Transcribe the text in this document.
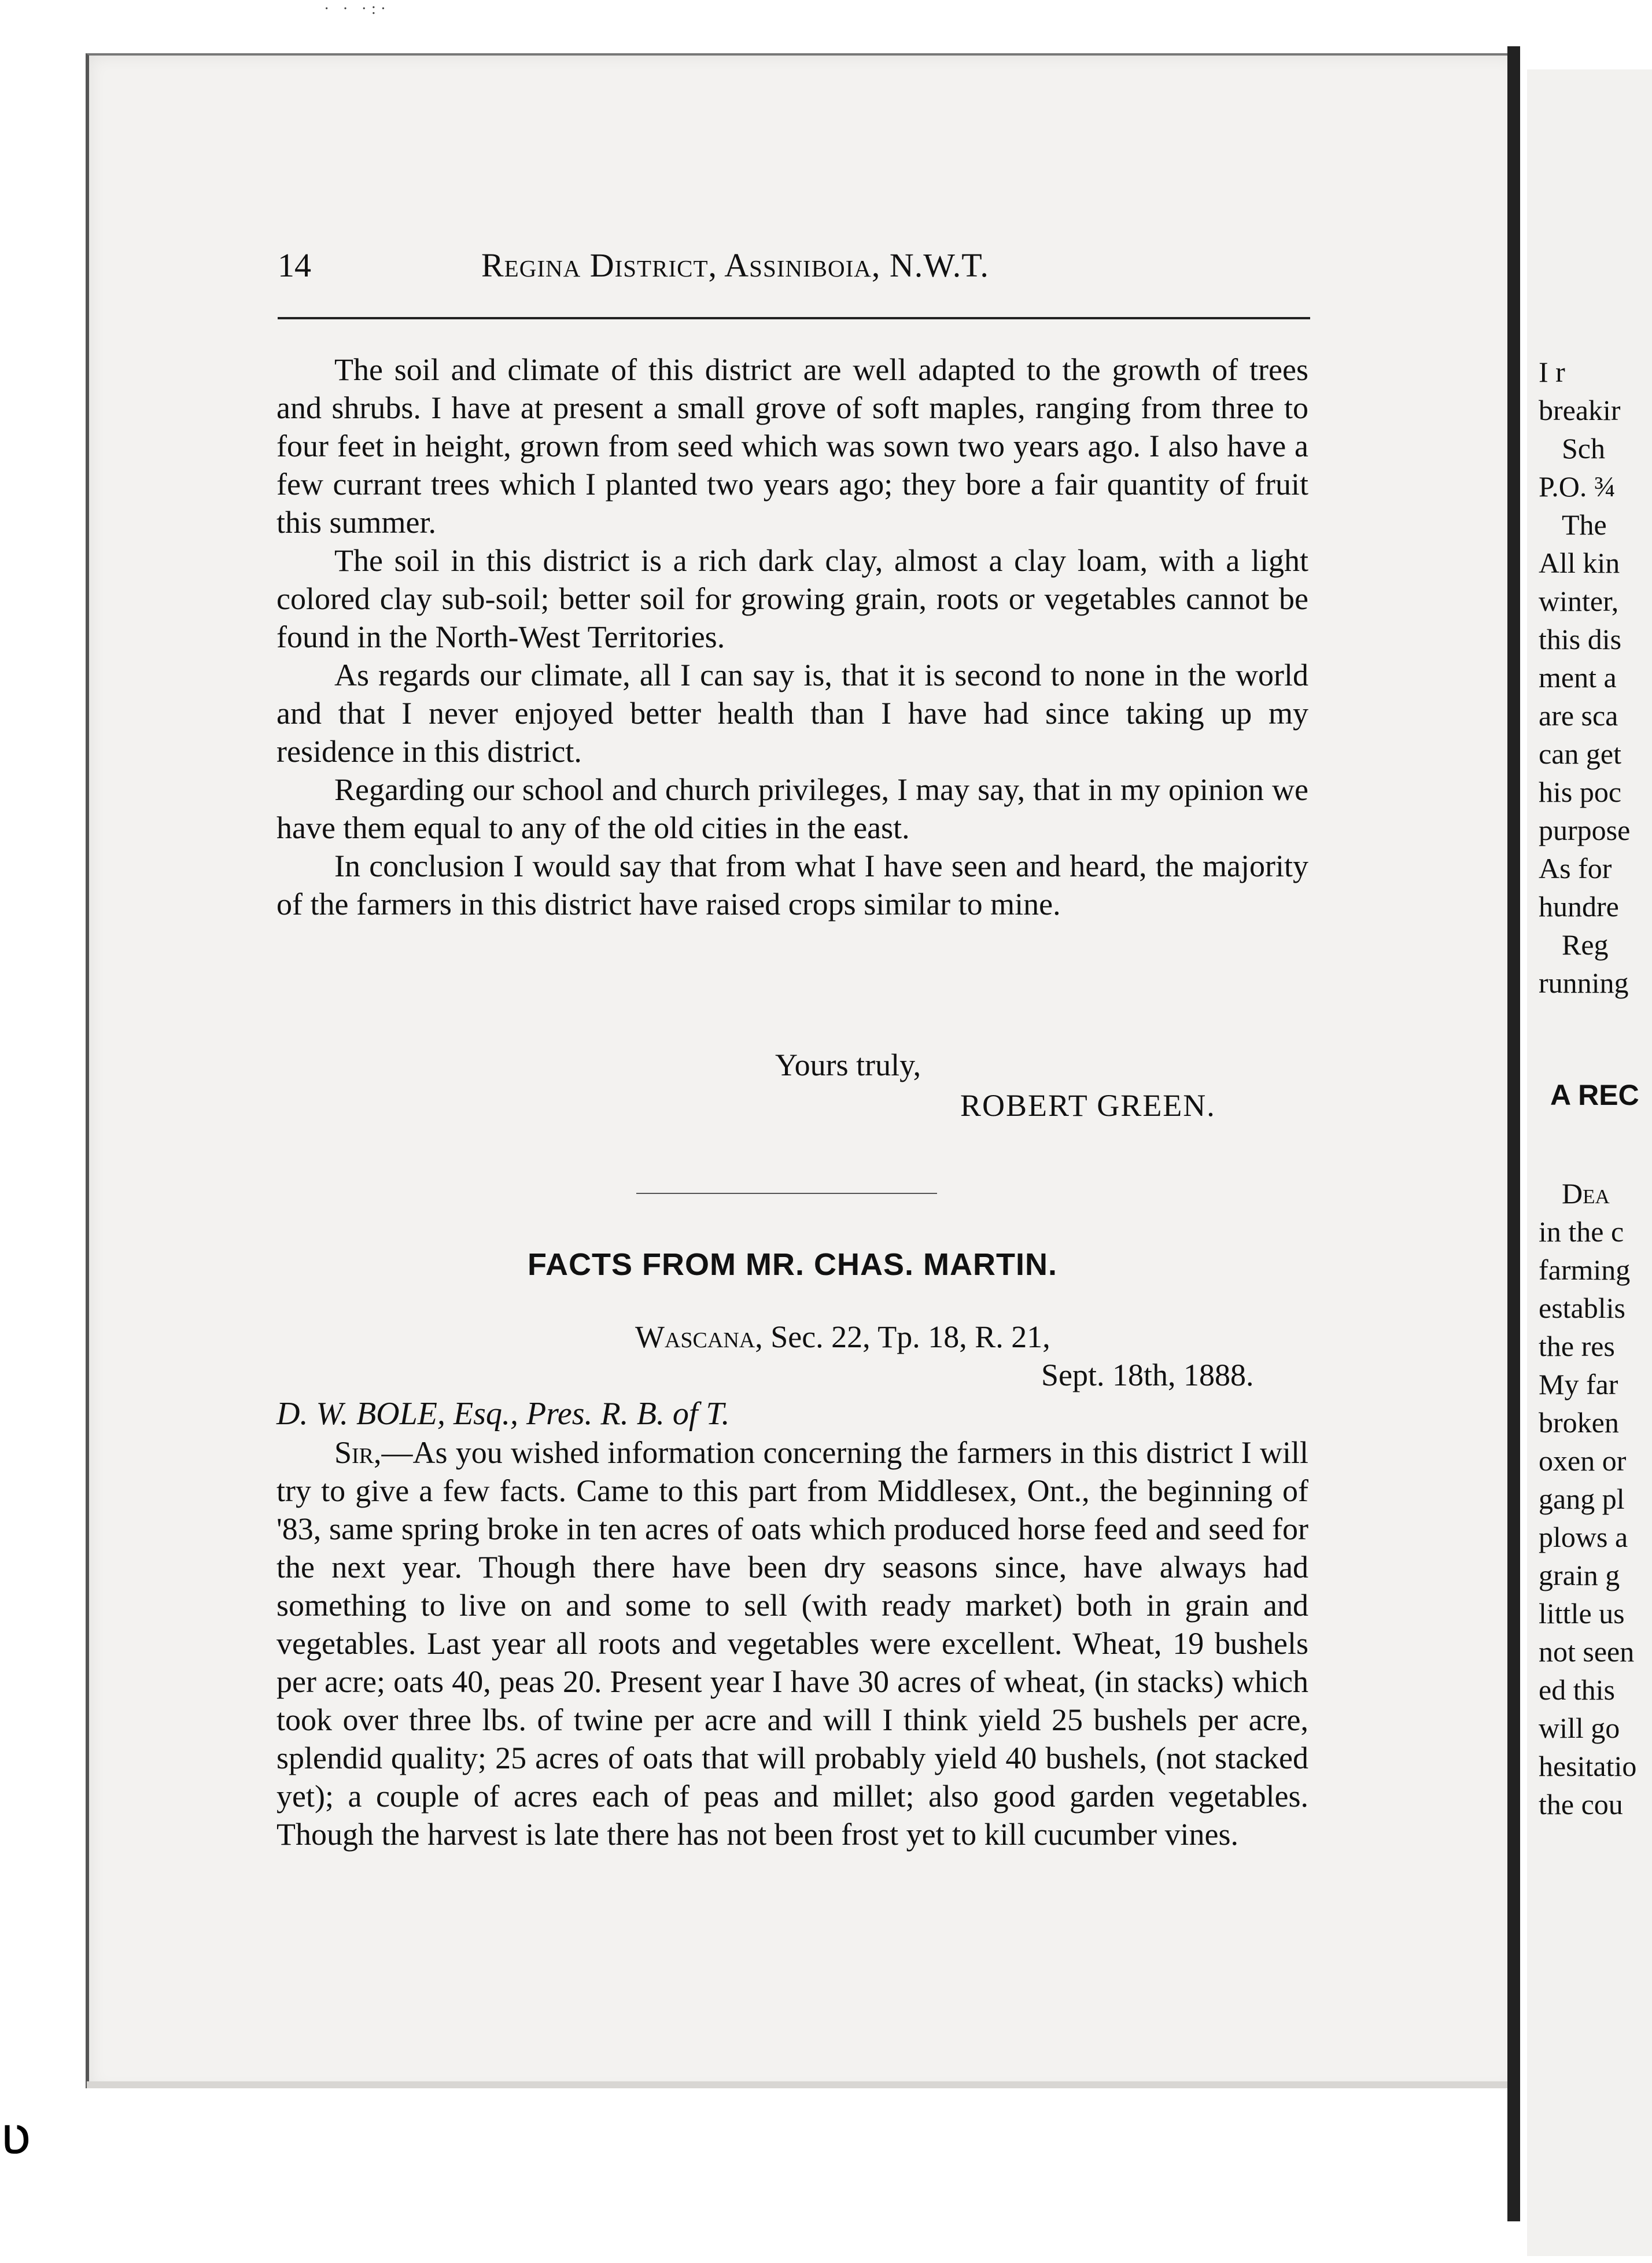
· · ·:·
14	Regina District, Assiniboia, N.W.T.

The soil and climate of this district are well adapted to the growth of trees and shrubs. I have at present a small grove of soft maples, ranging from three to four feet in height, grown from seed which was sown two years ago. I also have a few currant trees which I planted two years ago; they bore a fair quantity of fruit this summer.

The soil in this district is a rich dark clay, almost a clay loam, with a light colored clay sub-soil; better soil for growing grain, roots or vegetables cannot be found in the North-West Territories.

As regards our climate, all I can say is, that it is second to none in the world and that I never enjoyed better health than I have had since taking up my residence in this district.

Regarding our school and church privileges, I may say, that in my opinion we have them equal to any of the old cities in the east.

In conclusion I would say that from what I have seen and heard, the majority of the farmers in this district have raised crops similar to mine.

Yours truly,
ROBERT GREEN.
FACTS FROM MR. CHAS. MARTIN.
Wascana, Sec. 22, Tp. 18, R. 21,
Sept. 18th, 1888.
D. W. BOLE, Esq., Pres. R. B. of T.

Sir,—As you wished information concerning the farmers in this district I will try to give a few facts. Came to this part from Middlesex, Ont., the beginning of '83, same spring broke in ten acres of oats which produced horse feed and seed for the next year. Though there have been dry seasons since, have always had something to live on and some to sell (with ready market) both in grain and vegetables. Last year all roots and vegetables were excellent. Wheat, 19 bushels per acre; oats 40, peas 20. Present year I have 30 acres of wheat, (in stacks) which took over three lbs. of twine per acre and will I think yield 25 bushels per acre, splendid quality; 25 acres of oats that will probably yield 40 bushels, (not stacked yet); a couple of acres each of peas and millet; also good garden vegetables. Though the harvest is late there has not been frost yet to kill cucumber vines.

I r
breakir
Sch
P.O. ¾
The
All kin
winter,
this dis
ment a
are sca
can get
his poc
purpose
As for
hundre
Reg
running
A REC
Dea
in the c
farming
establis
the res
My far
broken
oxen or
gang pl
plows a
grain g
little us
not seen
ed this
will go
hesitatio
the cou
ʋ
